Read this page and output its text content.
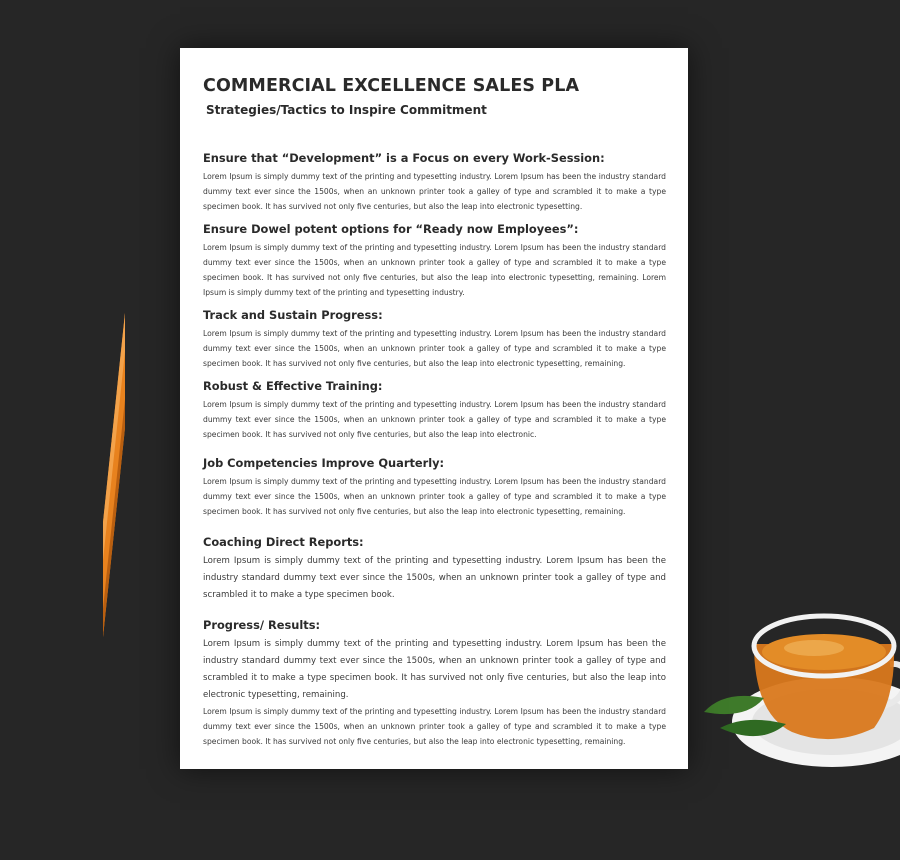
COMMERCIAL EXCELLENCE SALES PLA
Strategies/Tactics to Inspire Commitment
Ensure that “Development” is a Focus on every Work-Session:

Lorem Ipsum is simply dummy text of the printing and typesetting industry. Lorem Ipsum has been the industry standard dummy text ever since the 1500s, when an unknown printer took a galley of type and scrambled it to make a type specimen book. It has survived not only five centuries, but also the leap into electronic typesetting.

Ensure Dowel potent options for “Ready now Employees”:

Lorem Ipsum is simply dummy text of the printing and typesetting industry. Lorem Ipsum has been the industry standard dummy text ever since the 1500s, when an unknown printer took a galley of type and scrambled it to make a type specimen book. It has survived not only five centuries, but also the leap into electronic typesetting, remaining. Lorem Ipsum is simply dummy text of the printing and typesetting industry.

Track and Sustain Progress:

Lorem Ipsum is simply dummy text of the printing and typesetting industry. Lorem Ipsum has been the industry standard dummy text ever since the 1500s, when an unknown printer took a galley of type and scrambled it to make a type specimen book. It has survived not only five centuries, but also the leap into electronic typesetting, remaining.

Robust & Effective Training:

Lorem Ipsum is simply dummy text of the printing and typesetting industry. Lorem Ipsum has been the industry standard dummy text ever since the 1500s, when an unknown printer took a galley of type and scrambled it to make a type specimen book. It has survived not only five centuries, but also the leap into electronic.

Job Competencies Improve Quarterly:

Lorem Ipsum is simply dummy text of the printing and typesetting industry. Lorem Ipsum has been the industry standard dummy text ever since the 1500s, when an unknown printer took a galley of type and scrambled it to make a type specimen book. It has survived not only five centuries, but also the leap into electronic typesetting, remaining.

Coaching Direct Reports:

Lorem Ipsum is simply dummy text of the printing and typesetting industry. Lorem Ipsum has been the industry standard dummy text ever since the 1500s, when an unknown printer took a galley of type and scrambled it to make a type specimen book.

Progress/ Results:

Lorem Ipsum is simply dummy text of the printing and typesetting industry. Lorem Ipsum has been the industry standard dummy text ever since the 1500s, when an unknown printer took a galley of type and scrambled it to make a type specimen book. It has survived not only five centuries, but also the leap into electronic typesetting, remaining.

Lorem Ipsum is simply dummy text of the printing and typesetting industry. Lorem Ipsum has been the industry standard dummy text ever since the 1500s, when an unknown printer took a galley of type and scrambled it to make a type specimen book. It has survived not only five centuries, but also the leap into electronic typesetting, remaining.
